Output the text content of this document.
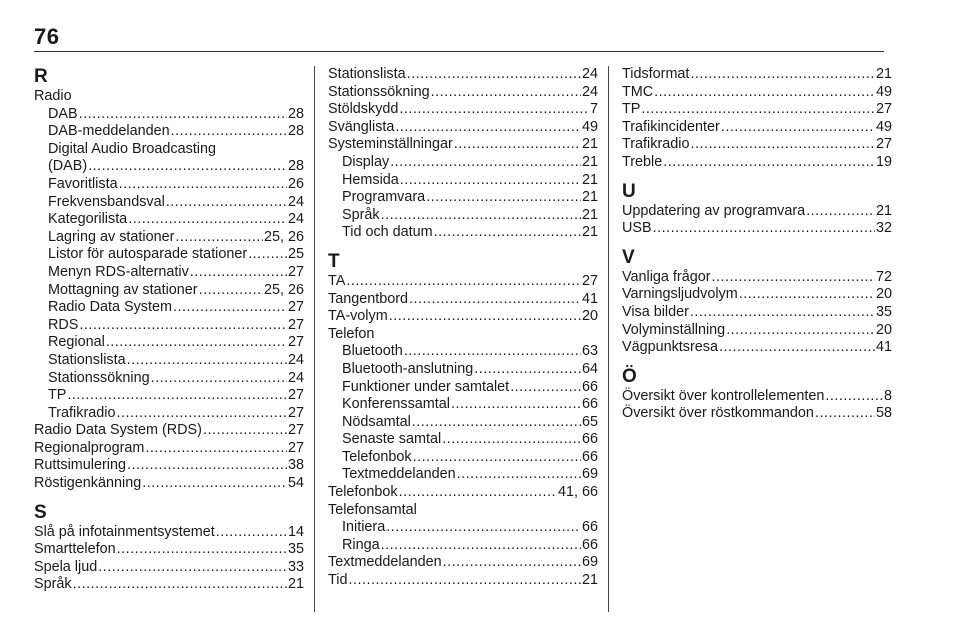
76
R
Radio
DAB .....	28
DAB-meddelanden .....	28
Digital Audio Broadcasting
(DAB) .....	28
Favoritlista .....	26
Frekvensbandsval .....	24
Kategorilista .....	24
Lagring av stationer .....	25, 26
Listor för autosparade stationer .....	25
Menyn RDS-alternativ .....	27
Mottagning av stationer .....	25, 26
Radio Data System .....	27
RDS .....	27
Regional .....	27
Stationslista .....	24
Stationssökning .....	24
TP .....	27
Trafikradio .....	27
Radio Data System (RDS) .....	27
Regionalprogram .....	27
Ruttsimulering .....	38
Röstigenkänning .....	54
S
Slå på infotainmentsystemet .....	14
Smarttelefon .....	35
Spela ljud .....	33
Språk .....	21
Stationslista .....	24
Stationssökning .....	24
Stöldskydd .....	7
Svänglista .....	49
Systeminställningar .....	21
Display .....	21
Hemsida .....	21
Programvara .....	21
Språk .....	21
Tid och datum .....	21
T
TA .....	27
Tangentbord .....	41
TA-volym .....	20
Telefon
Bluetooth .....	63
Bluetooth-anslutning .....	64
Funktioner under samtalet .....	66
Konferenssamtal .....	66
Nödsamtal .....	65
Senaste samtal .....	66
Telefonbok .....	66
Textmeddelanden .....	69
Telefonbok .....	41, 66
Telefonsamtal
Initiera .....	66
Ringa .....	66
Textmeddelanden .....	69
Tid .....	21
Tidsformat .....	21
TMC .....	49
TP .....	27
Trafikincidenter .....	49
Trafikradio .....	27
Treble .....	19
U
Uppdatering av programvara .....	21
USB .....	32
V
Vanliga frågor .....	72
Varningsljudvolym .....	20
Visa bilder .....	35
Volyminställning .....	20
Vägpunktsresa .....	41
Ö
Översikt över kontrollelementen .....	8
Översikt över röstkommandon .....	58
